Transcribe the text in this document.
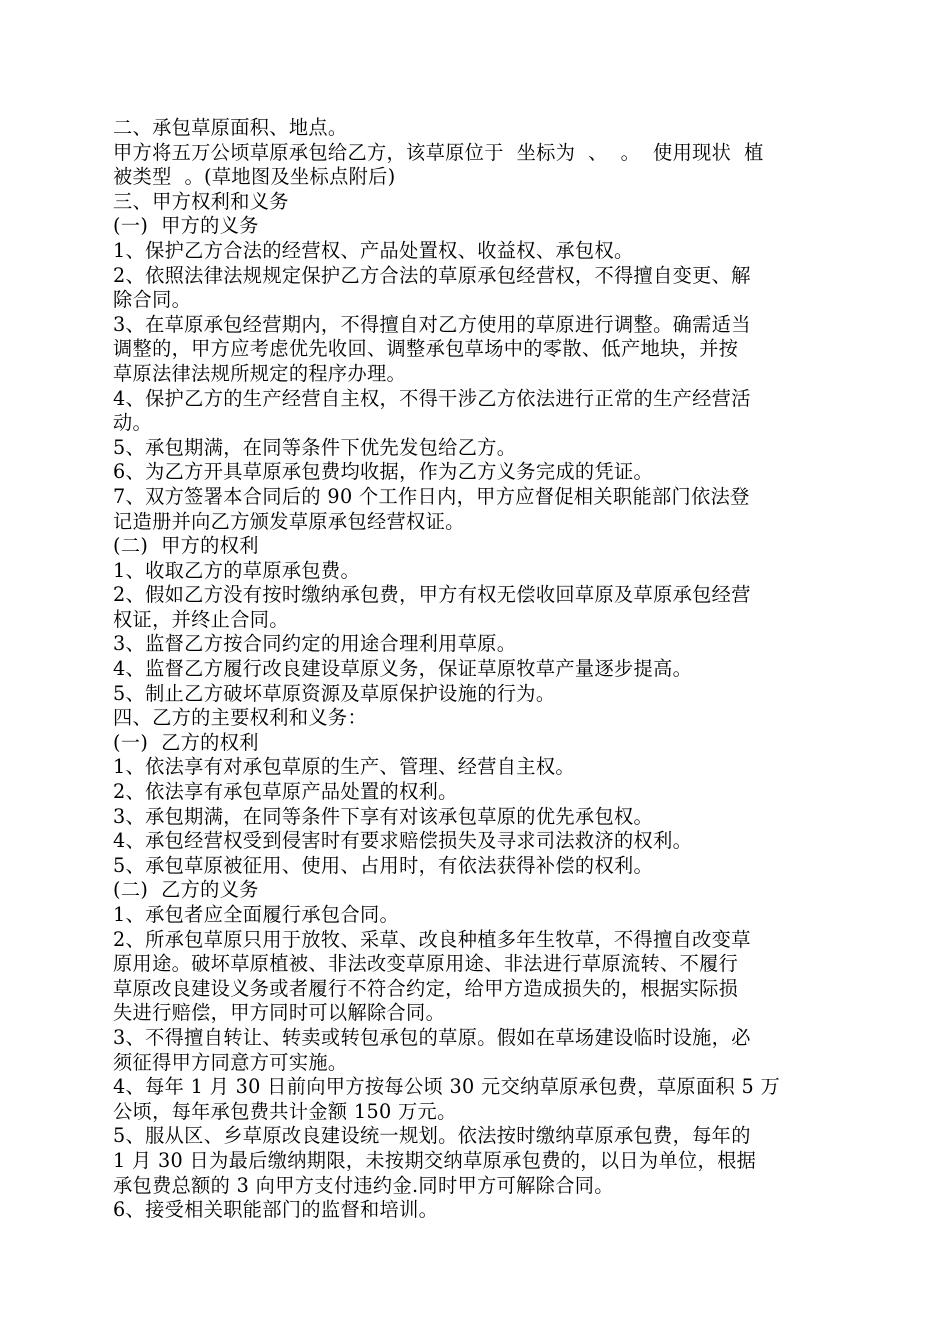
二、承包草原面积、地点。
甲方将五万公顷草原承包给乙方，该草原位于  坐标为  、  。  使用现状  植
被类型  。(草地图及坐标点附后)
三、甲方权利和义务
(一)  甲方的义务
1、保护乙方合法的经营权、产品处置权、收益权、承包权。
2、依照法律法规规定保护乙方合法的草原承包经营权，不得擅自变更、解
除合同。
3、在草原承包经营期内，不得擅自对乙方使用的草原进行调整。确需适当
调整的，甲方应考虑优先收回、调整承包草场中的零散、低产地块，并按
草原法律法规所规定的程序办理。
4、保护乙方的生产经营自主权，不得干涉乙方依法进行正常的生产经营活
动。
5、承包期满，在同等条件下优先发包给乙方。
6、为乙方开具草原承包费均收据，作为乙方义务完成的凭证。
7、双方签署本合同后的 90 个工作日内，甲方应督促相关职能部门依法登
记造册并向乙方颁发草原承包经营权证。
(二)  甲方的权利
1、收取乙方的草原承包费。
2、假如乙方没有按时缴纳承包费，甲方有权无偿收回草原及草原承包经营
权证，并终止合同。
3、监督乙方按合同约定的用途合理利用草原。
4、监督乙方履行改良建设草原义务，保证草原牧草产量逐步提高。
5、制止乙方破坏草原资源及草原保护设施的行为。
四、乙方的主要权利和义务：
(一)  乙方的权利
1、依法享有对承包草原的生产、管理、经营自主权。
2、依法享有承包草原产品处置的权利。
3、承包期满，在同等条件下享有对该承包草原的优先承包权。
4、承包经营权受到侵害时有要求赔偿损失及寻求司法救济的权利。
5、承包草原被征用、使用、占用时，有依法获得补偿的权利。
(二)  乙方的义务
1、承包者应全面履行承包合同。
2、所承包草原只用于放牧、采草、改良种植多年生牧草，不得擅自改变草
原用途。破坏草原植被、非法改变草原用途、非法进行草原流转、不履行
草原改良建设义务或者履行不符合约定，给甲方造成损失的，根据实际损
失进行赔偿，甲方同时可以解除合同。
3、不得擅自转让、转卖或转包承包的草原。假如在草场建设临时设施，必
须征得甲方同意方可实施。
4、每年 1 月 30 日前向甲方按每公顷 30 元交纳草原承包费，草原面积 5 万
公顷，每年承包费共计金额 150 万元。
5、服从区、乡草原改良建设统一规划。依法按时缴纳草原承包费，每年的
1 月 30 日为最后缴纳期限，未按期交纳草原承包费的，以日为单位，根据
承包费总额的 3 向甲方支付违约金.同时甲方可解除合同。
6、接受相关职能部门的监督和培训。
